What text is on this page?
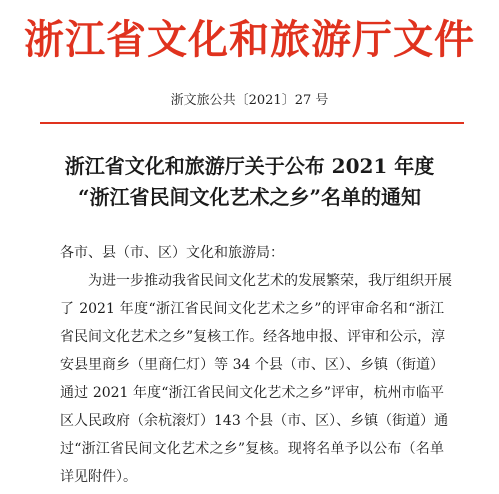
浙江省文化和旅游厅文件
浙文旅公共〔2021〕27 号
浙江省文化和旅游厅关于公布 2021 年度
“浙江省民间文化艺术之乡”名单的通知
各市、县（市、区）文化和旅游局：
为进一步推动我省民间文化艺术的发展繁荣，我厅组织开展
了 2021 年度“浙江省民间文化艺术之乡”的评审命名和“浙江
省民间文化艺术之乡”复核工作。经各地申报、评审和公示，淳
安县里商乡（里商仁灯）等 34 个县（市、区）、乡镇（街道）
通过 2021 年度“浙江省民间文化艺术之乡”评审，杭州市临平
区人民政府（余杭滚灯）143 个县（市、区）、乡镇（街道）通
过“浙江省民间文化艺术之乡”复核。现将名单予以公布（名单
详见附件）。
